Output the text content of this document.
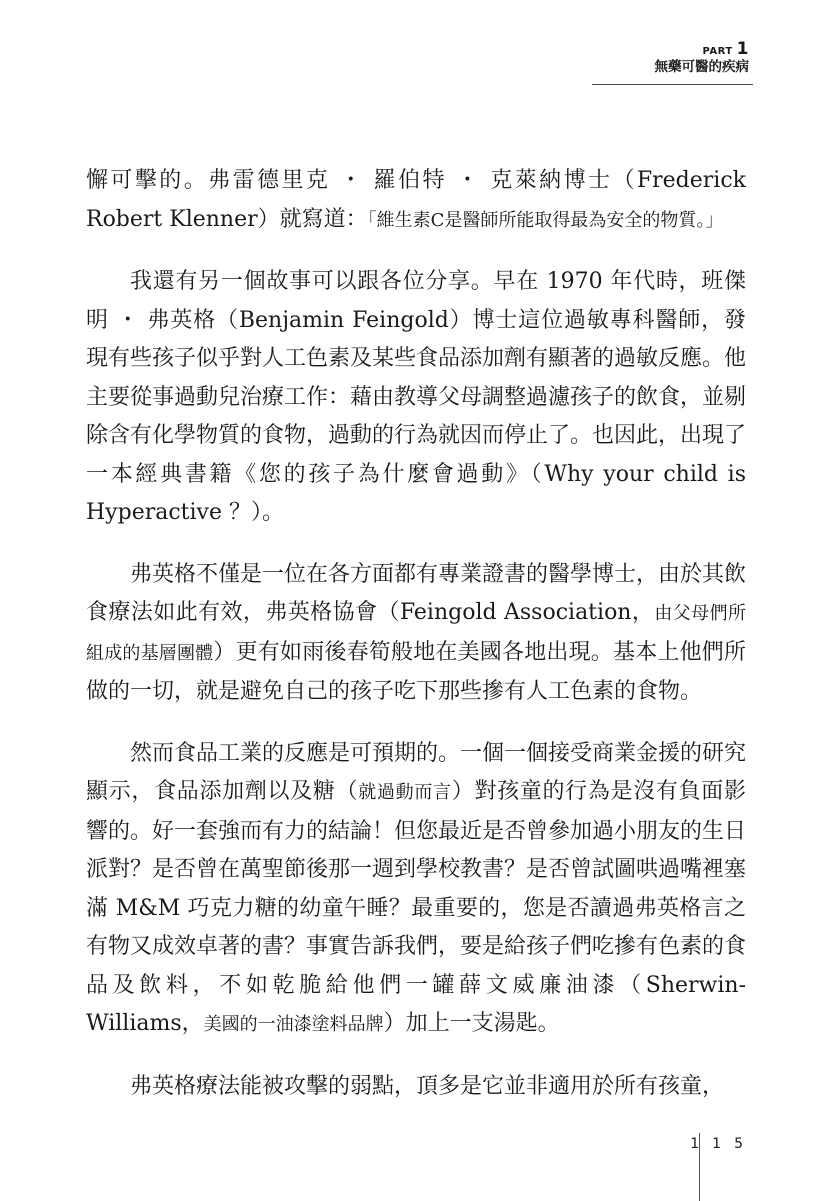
PART 1
無藥可醫的疾病

懈可擊的。弗雷德里克 ・ 羅伯特 ・ 克萊納博士（Frederick Robert Klenner）就寫道：「維生素C是醫師所能取得最為安全的物質。」

我還有另一個故事可以跟各位分享。早在 1970 年代時，班傑明 ・ 弗英格（Benjamin Feingold）博士這位過敏專科醫師，發現有些孩子似乎對人工色素及某些食品添加劑有顯著的過敏反應。他主要從事過動兒治療工作：藉由教導父母調整過濾孩子的飲食，並剔除含有化學物質的食物，過動的行為就因而停止了。也因此，出現了一本經典書籍《您的孩子為什麼會過動》（Why your child is Hyperactive ？）。

弗英格不僅是一位在各方面都有專業證書的醫學博士，由於其飲食療法如此有效，弗英格協會（Feingold Association，由父母們所組成的基層團體）更有如雨後春筍般地在美國各地出現。基本上他們所做的一切，就是避免自己的孩子吃下那些摻有人工色素的食物。

然而食品工業的反應是可預期的。一個一個接受商業金援的研究顯示，食品添加劑以及糖（就過動而言）對孩童的行為是沒有負面影響的。好一套強而有力的結論！但您最近是否曾參加過小朋友的生日派對？是否曾在萬聖節後那一週到學校教書？是否曾試圖哄過嘴裡塞滿 M&M 巧克力糖的幼童午睡？最重要的，您是否讀過弗英格言之有物又成效卓著的書？事實告訴我們，要是給孩子們吃摻有色素的食品及飲料，不如乾脆給他們一罐薛文威廉油漆（Sherwin-Williams，美國的一油漆塗料品牌）加上一支湯匙。

弗英格療法能被攻擊的弱點，頂多是它並非適用於所有孩童，

1 1 5
